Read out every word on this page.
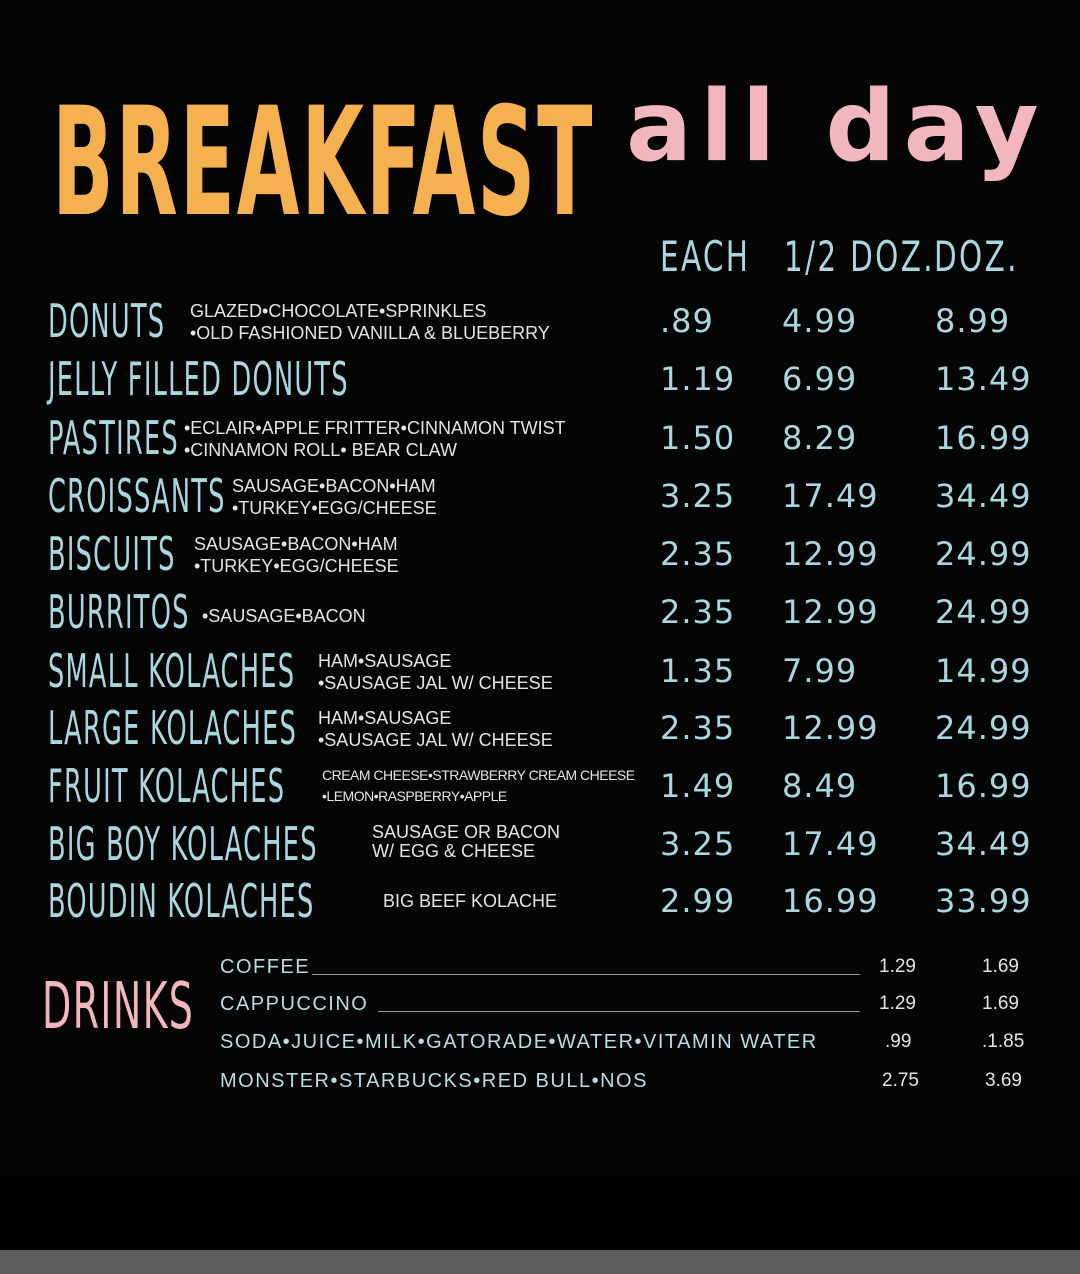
BREAKFAST all day
EACH 1/2 DOZ. DOZ.
DONUTS GLAZED•CHOCOLATE•SPRINKLES
•OLD FASHIONED VANILLA & BLUEBERRY	.89 4.99 8.99
JELLY FILLED DONUTS	1.19 6.99 13.49
PASTIRES •ECLAIR•APPLE FRITTER•CINNAMON TWIST
•CINNAMON ROLL• BEAR CLAW	1.50 8.29 16.99
CROISSANTS SAUSAGE•BACON•HAM
•TURKEY•EGG/CHEESE	3.25 17.49 34.49
BISCUITS SAUSAGE•BACON•HAM
•TURKEY•EGG/CHEESE	2.35 12.99 24.99
BURRITOS •SAUSAGE•BACON	2.35 12.99 24.99
SMALL KOLACHES HAM•SAUSAGE
•SAUSAGE JAL W/ CHEESE	1.35 7.99 14.99
LARGE KOLACHES HAM•SAUSAGE
•SAUSAGE JAL W/ CHEESE	2.35 12.99 24.99
FRUIT KOLACHES	CREAM CHEESE•STRAWBERRY CREAM CHEESE
•LEMON•RASPBERRY•APPLE	1.49 8.49 16.99
BIG BOY KOLACHES	SAUSAGE OR BACON
W/ EGG & CHEESE	3.25 17.49 34.49
BOUDIN KOLACHES	BIG BEEF KOLACHE	2.99 16.99 33.99
DRINKS
COFFEE	1.29	1.69
CAPPUCCINO	1.29	1.69
SODA•JUICE•MILK•GATORADE•WATER•VITAMIN WATER	.99	.1.85
MONSTER•STARBUCKS•RED BULL•NOS	2.75	3.69
